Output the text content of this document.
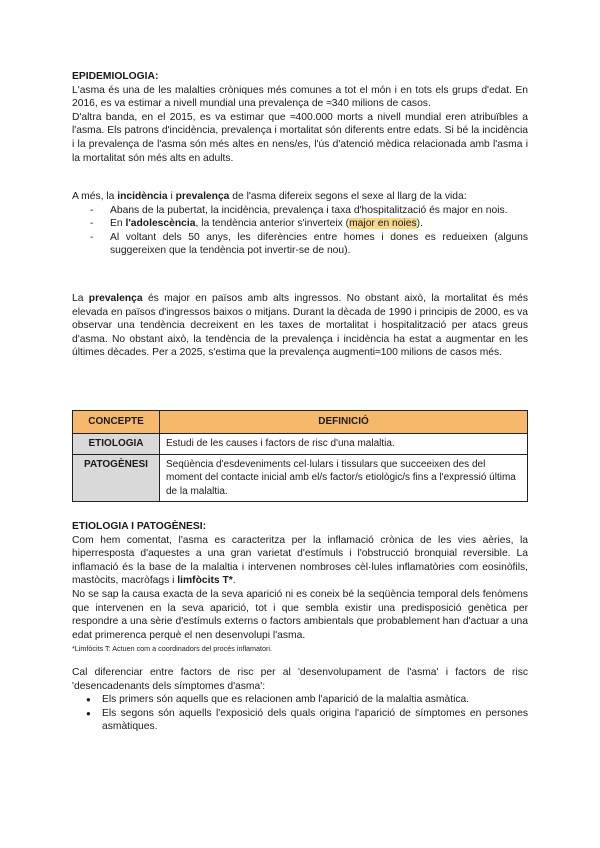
EPIDEMIOLOGIA:

L'asma és una de les malalties cròniques més comunes a tot el món i en tots els grups d'edat. En 2016, es va estimar a nivell mundial una prevalença de ≈340 milions de casos.

D'altra banda, en el 2015, es va estimar que ≈400.000 morts a nivell mundial eren atribuïbles a l'asma. Els patrons d'incidència, prevalença i mortalitat són diferents entre edats. Si bé la incidència i la prevalença de l'asma són més altes en nens/es, l'ús d'atenció mèdica relacionada amb l'asma i la mortalitat són més alts en adults.

A més, la incidència i prevalença de l'asma difereix segons el sexe al llarg de la vida:

- Abans de la pubertat, la incidència, prevalença i taxa d'hospitalització és major en nois.
- En l'adolescència, la tendència anterior s'inverteix (major en noies).
- Al voltant dels 50 anys, les diferències entre homes i dones es redueixen (alguns suggereixen que la tendència pot invertir-se de nou).

La prevalença és major en països amb alts ingressos. No obstant això, la mortalitat és més elevada en països d'ingressos baixos o mitjans. Durant la dècada de 1990 i principis de 2000, es va observar una tendència decreixent en les taxes de mortalitat i hospitalització per atacs greus d'asma. No obstant això, la tendència de la prevalença i incidència ha estat a augmentar en les últimes dècades. Per a 2025, s'estima que la prevalença augmenti≈100 milions de casos més.

CONCEPTE	DEFINICIÓ
ETIOLOGIA	Estudi de les causes i factors de risc d'una malaltia.
PATOGÈNESI	Seqüència d'esdeveniments cel·lulars i tissulars que succeeixen des del moment del contacte inicial amb el/s factor/s etiològic/s fins a l'expressió última de la malaltia.
ETIOLOGIA I PATOGÈNESI:

Com hem comentat, l'asma es caracteritza per la inflamació crònica de les vies aèries, la hiperresposta d'aquestes a una gran varietat d'estímuls i l'obstrucció bronquial reversible. La inflamació és la base de la malaltia i intervenen nombroses cèl·lules inflamatòries com eosinòfils, mastòcits, macròfags i limfòcits T*.

No se sap la causa exacta de la seva aparició ni es coneix bé la seqüència temporal dels fenòmens que intervenen en la seva aparició, tot i que sembla existir una predisposició genètica per respondre a una sèrie d'estímuls externs o factors ambientals que probablement han d'actuar a una edat primerenca perquè el nen desenvolupi l'asma.

*Limfòcits T: Actuen com a coordinadors del procés inflamatori.

Cal diferenciar entre factors de risc per al 'desenvolupament de l'asma' i factors de risc 'desencadenants dels símptomes d'asma':

● Els primers són aquells que es relacionen amb l'aparició de la malaltia asmàtica.
● Els segons són aquells l'exposició dels quals origina l'aparició de símptomes en persones asmàtiques.
